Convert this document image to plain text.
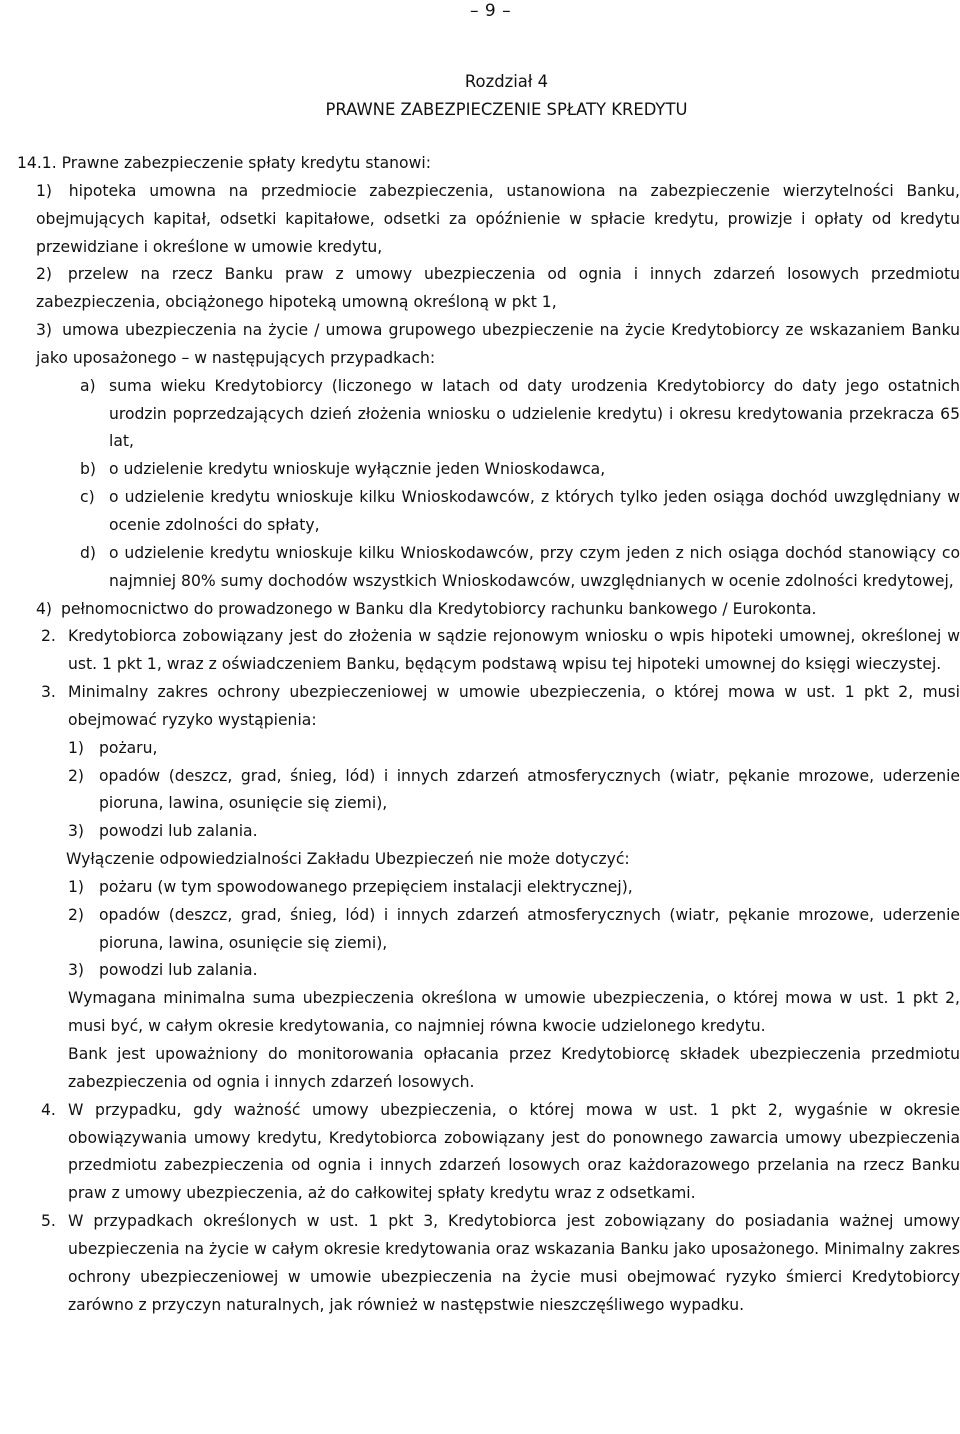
– 9 –
Rozdział 4
PRAWNE ZABEZPIECZENIE SPŁATY KREDYTU
14.1. Prawne zabezpieczenie spłaty kredytu stanowi:
1) hipoteka umowna na przedmiocie zabezpieczenia, ustanowiona na zabezpieczenie wierzytelności Banku, obejmujących kapitał, odsetki kapitałowe, odsetki za opóźnienie w spłacie kredytu, prowizje i opłaty od kredytu przewidziane i określone w umowie kredytu,
2) przelew na rzecz Banku praw z umowy ubezpieczenia od ognia i innych zdarzeń losowych przedmiotu zabezpieczenia, obciążonego hipoteką umowną określoną w pkt 1,
3) umowa ubezpieczenia na życie / umowa grupowego ubezpieczenie na życie Kredytobiorcy ze wskazaniem Banku jako uposażonego – w następujących przypadkach:
a) suma wieku Kredytobiorcy (liczonego w latach od daty urodzenia Kredytobiorcy do daty jego ostatnich urodzin poprzedzających dzień złożenia wniosku o udzielenie kredytu) i okresu kredytowania przekracza 65 lat,
b) o udzielenie kredytu wnioskuje wyłącznie jeden Wnioskodawca,
c) o udzielenie kredytu wnioskuje kilku Wnioskodawców, z których tylko jeden osiąga dochód uwzględniany w ocenie zdolności do spłaty,
d) o udzielenie kredytu wnioskuje kilku Wnioskodawców, przy czym jeden z nich osiąga dochód stanowiący co najmniej 80% sumy dochodów wszystkich Wnioskodawców, uwzględnianych w ocenie zdolności kredytowej,
4) pełnomocnictwo do prowadzonego w Banku dla Kredytobiorcy rachunku bankowego / Eurokonta.
2. Kredytobiorca zobowiązany jest do złożenia w sądzie rejonowym wniosku o wpis hipoteki umownej, określonej w ust. 1 pkt 1, wraz z oświadczeniem Banku, będącym podstawą wpisu tej hipoteki umownej do księgi wieczystej.
3. Minimalny zakres ochrony ubezpieczeniowej w umowie ubezpieczenia, o której mowa w ust. 1 pkt 2, musi obejmować ryzyko wystąpienia:
1) pożaru,
2) opadów (deszcz, grad, śnieg, lód) i innych zdarzeń atmosferycznych (wiatr, pękanie mrozowe, uderzenie pioruna, lawina, osunięcie się ziemi),
3) powodzi lub zalania.
Wyłączenie odpowiedzialności Zakładu Ubezpieczeń nie może dotyczyć:
1) pożaru (w tym spowodowanego przepięciem instalacji elektrycznej),
2) opadów (deszcz, grad, śnieg, lód) i innych zdarzeń atmosferycznych (wiatr, pękanie mrozowe, uderzenie pioruna, lawina, osunięcie się ziemi),
3) powodzi lub zalania.
Wymagana minimalna suma ubezpieczenia określona w umowie ubezpieczenia, o której mowa w ust. 1 pkt 2, musi być, w całym okresie kredytowania, co najmniej równa kwocie udzielonego kredytu.
Bank jest upoważniony do monitorowania opłacania przez Kredytobiorcę składek ubezpieczenia przedmiotu zabezpieczenia od ognia i innych zdarzeń losowych.
4. W przypadku, gdy ważność umowy ubezpieczenia, o której mowa w ust. 1 pkt 2, wygaśnie w okresie obowiązywania umowy kredytu, Kredytobiorca zobowiązany jest do ponownego zawarcia umowy ubezpieczenia przedmiotu zabezpieczenia od ognia i innych zdarzeń losowych oraz każdorazowego przelania na rzecz Banku praw z umowy ubezpieczenia, aż do całkowitej spłaty kredytu wraz z odsetkami.
5. W przypadkach określonych w ust. 1 pkt 3, Kredytobiorca jest zobowiązany do posiadania ważnej umowy ubezpieczenia na życie w całym okresie kredytowania oraz wskazania Banku jako uposażonego. Minimalny zakres ochrony ubezpieczeniowej w umowie ubezpieczenia na życie musi obejmować ryzyko śmierci Kredytobiorcy zarówno z przyczyn naturalnych, jak również w następstwie nieszczęśliwego wypadku.
